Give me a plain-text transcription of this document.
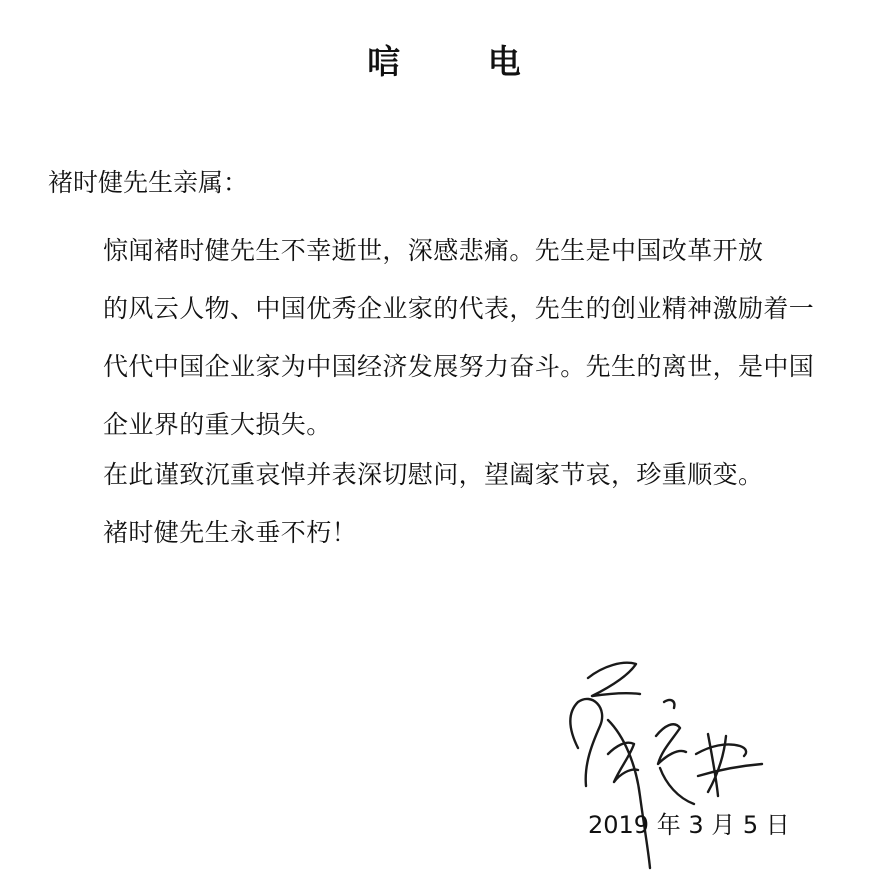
唁 电
褚时健先生亲属：
惊闻褚时健先生不幸逝世，深感悲痛。先生是中国改革开放
的风云人物、中国优秀企业家的代表，先生的创业精神激励着一
代代中国企业家为中国经济发展努力奋斗。先生的离世，是中国
企业界的重大损失。
在此谨致沉重哀悼并表深切慰问，望阖家节哀，珍重顺变。
褚时健先生永垂不朽！
2019 年 3 月 5 日
